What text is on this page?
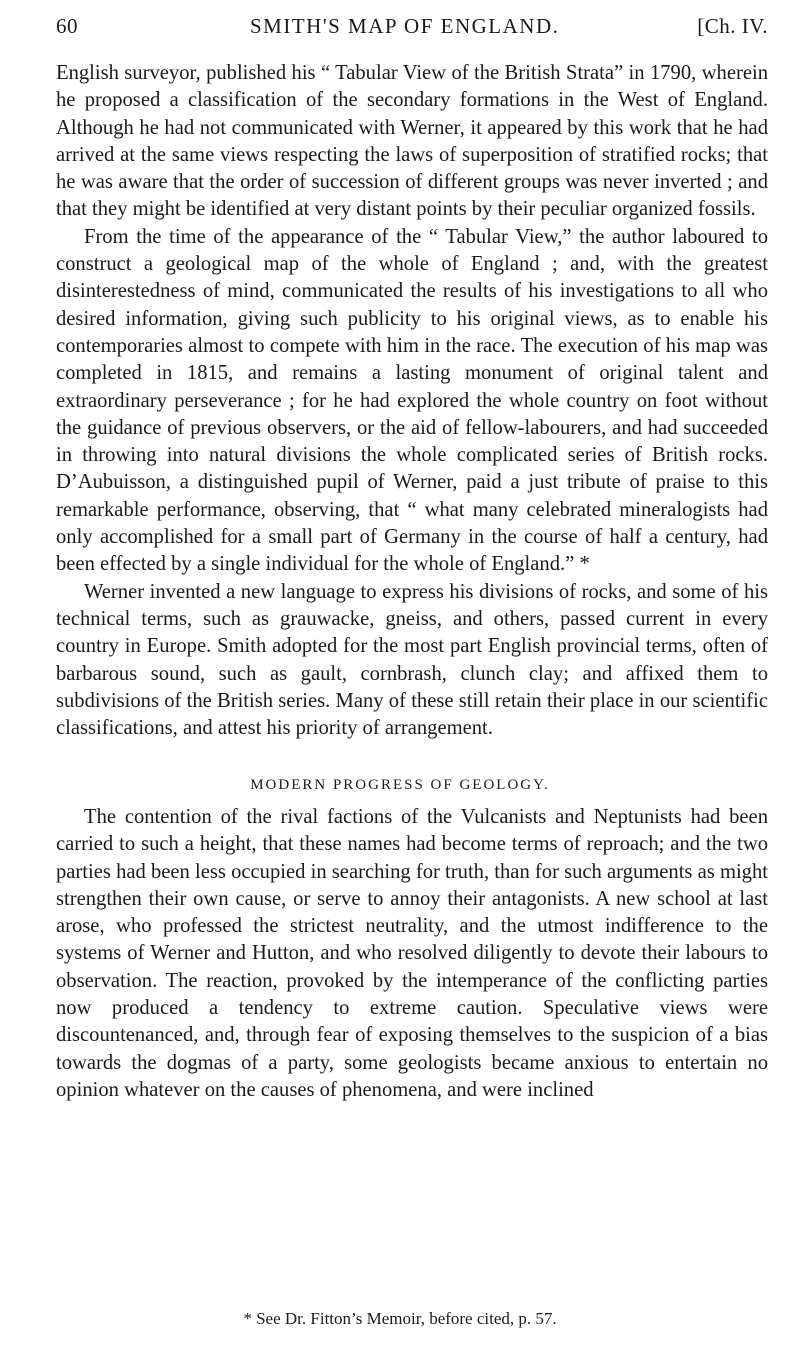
60	SMITH'S MAP OF ENGLAND.	[Ch. IV.

English surveyor, published his “ Tabular View of the British Strata” in 1790, wherein he proposed a classification of the secondary formations in the West of England. Although he had not communicated with Werner, it appeared by this work that he had arrived at the same views respecting the laws of superposition of stratified rocks; that he was aware that the order of succession of different groups was never inverted ; and that they might be identified at very distant points by their peculiar organized fossils.

From the time of the appearance of the “ Tabular View,” the author laboured to construct a geological map of the whole of England ; and, with the greatest disinterestedness of mind, communicated the results of his investigations to all who desired information, giving such publicity to his original views, as to enable his contemporaries almost to compete with him in the race. The execution of his map was completed in 1815, and remains a lasting monument of original talent and extraordinary perseverance ; for he had explored the whole country on foot without the guidance of previous observers, or the aid of fellow-labourers, and had succeeded in throwing into natural divisions the whole complicated series of British rocks. D’Aubuisson, a distinguished pupil of Werner, paid a just tribute of praise to this remarkable performance, observing, that “ what many celebrated mineralogists had only accomplished for a small part of Germany in the course of half a century, had been effected by a single individual for the whole of England.” *

Werner invented a new language to express his divisions of rocks, and some of his technical terms, such as grauwacke, gneiss, and others, passed current in every country in Europe. Smith adopted for the most part English provincial terms, often of barbarous sound, such as gault, cornbrash, clunch clay; and affixed them to subdivisions of the British series. Many of these still retain their place in our scientific classifications, and attest his priority of arrangement.

MODERN PROGRESS OF GEOLOGY.

The contention of the rival factions of the Vulcanists and Neptunists had been carried to such a height, that these names had become terms of reproach; and the two parties had been less occupied in searching for truth, than for such arguments as might strengthen their own cause, or serve to annoy their antagonists. A new school at last arose, who professed the strictest neutrality, and the utmost indifference to the systems of Werner and Hutton, and who resolved diligently to devote their labours to observation. The reaction, provoked by the intemperance of the conflicting parties now produced a tendency to extreme caution. Speculative views were discountenanced, and, through fear of exposing themselves to the suspicion of a bias towards the dogmas of a party, some geologists became anxious to entertain no opinion whatever on the causes of phenomena, and were inclined

* See Dr. Fitton’s Memoir, before cited, p. 57.
